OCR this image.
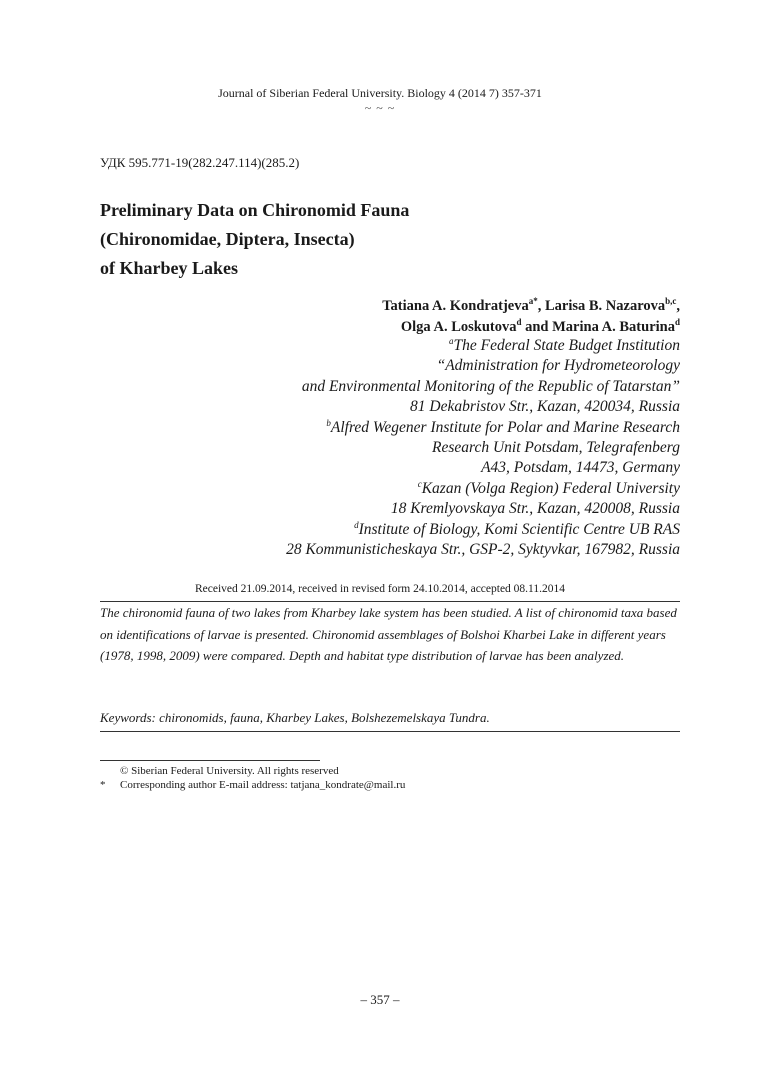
Journal of Siberian Federal University. Biology 4 (2014 7) 357-371
~ ~ ~
УДК 595.771-19(282.247.114)(285.2)
Preliminary Data on Chironomid Fauna
(Chironomidae, Diptera, Insecta)
of Kharbey Lakes
Tatiana A. Kondratjeva$^{a*}$, Larisa B. Nazarova$^{b,c}$,
Olga A. Loskutova$^d$ and Marina A. Baturina$^d$
$^a$The Federal State Budget Institution
“Administration for Hydrometeorology
and Environmental Monitoring of the Republic of Tatarstan”
81 Dekabristov Str., Kazan, 420034, Russia
$^b$Alfred Wegener Institute for Polar and Marine Research
Research Unit Potsdam, Telegrafenberg
A43, Potsdam, 14473, Germany
$^c$Kazan (Volga Region) Federal University
18 Kremlyovskaya Str., Kazan, 420008, Russia
$^d$Institute of Biology, Komi Scientific Centre UB RAS
28 Kommunisticheskaya Str., GSP-2, Syktyvkar, 167982, Russia
Received 21.09.2014, received in revised form 24.10.2014, accepted 08.11.2014
The chironomid fauna of two lakes from Kharbey lake system has been studied. A list of chironomid taxa based on identifications of larvae is presented. Chironomid assemblages of Bolshoi Kharbei Lake in different years (1978, 1998, 2009) were compared. Depth and habitat type distribution of larvae has been analyzed.
Keywords: chironomids, fauna, Kharbey Lakes, Bolshezemelskaya Tundra.
© Siberian Federal University. All rights reserved
* Corresponding author E-mail address: tatjana_kondrate@mail.ru
– 357 –
